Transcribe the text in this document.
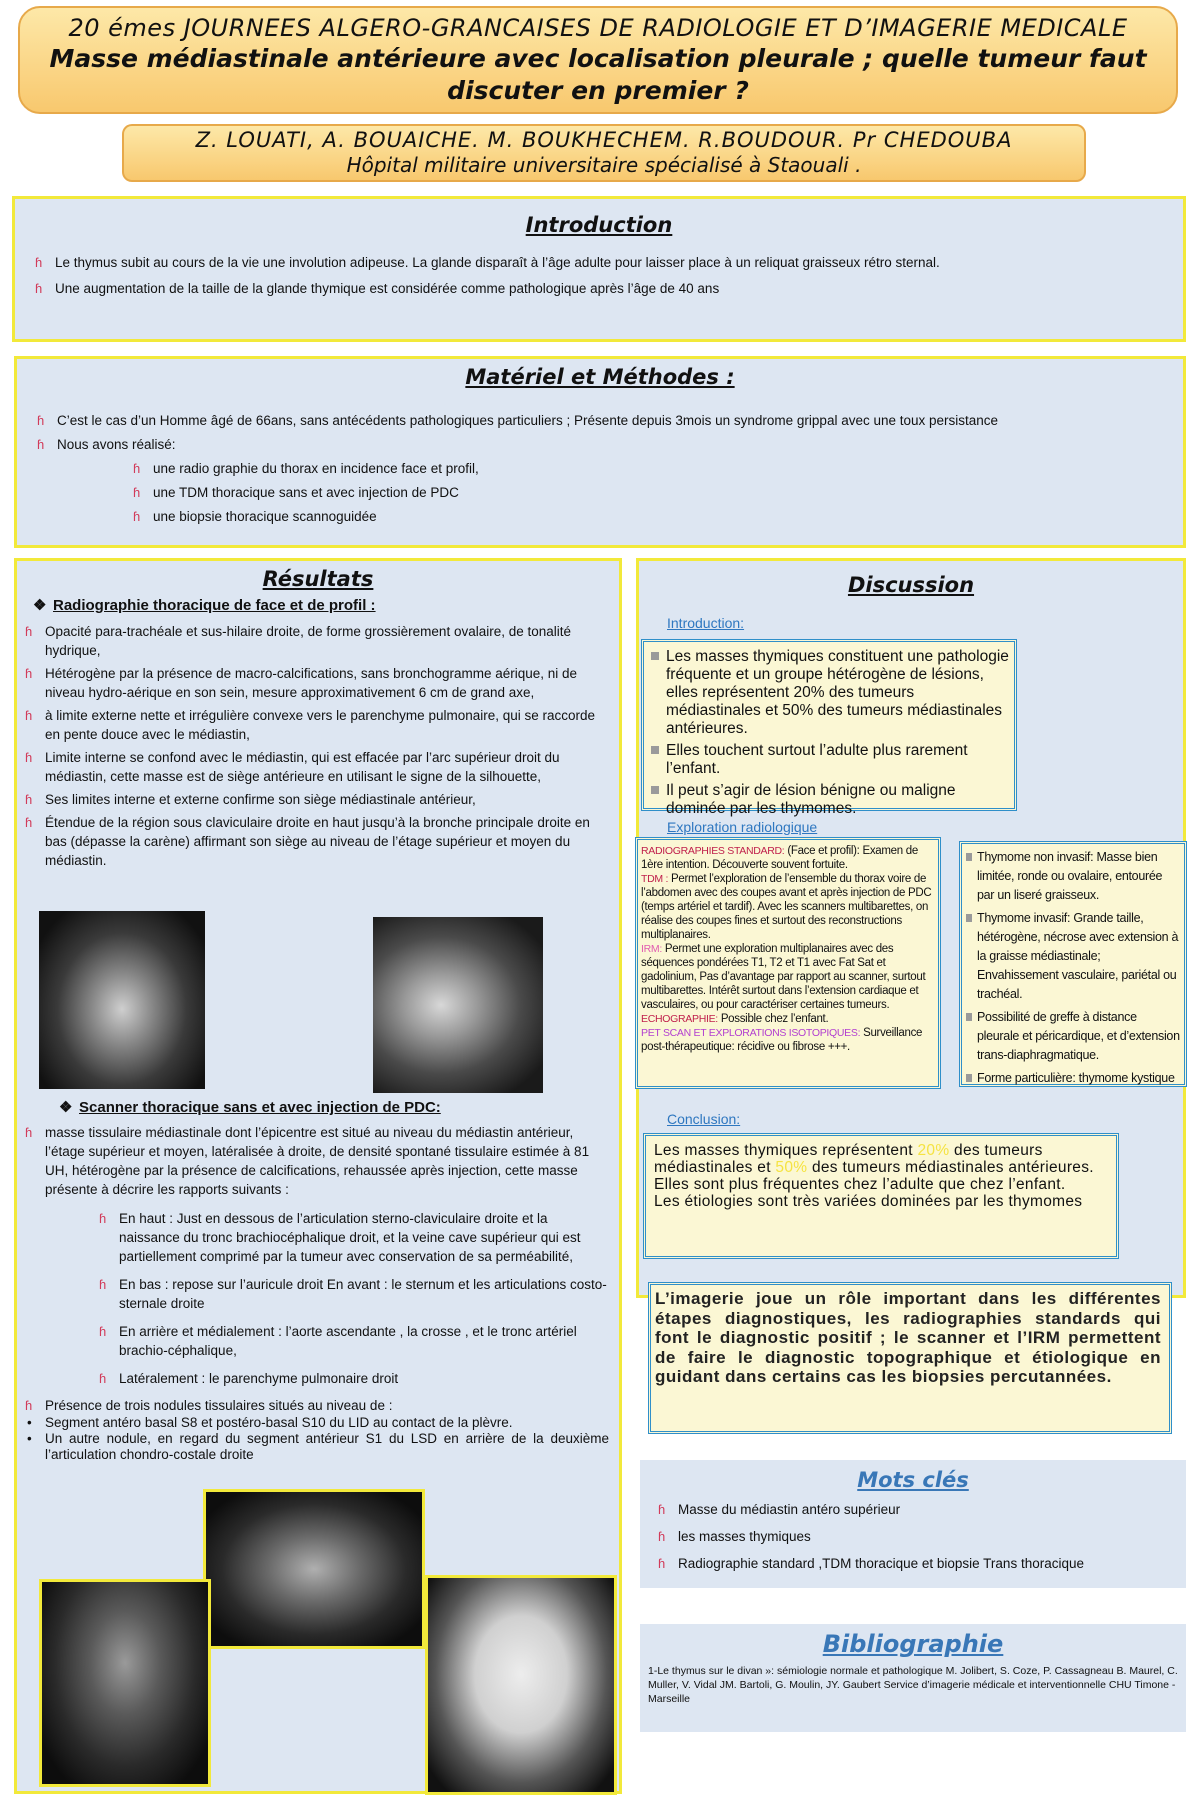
20 émes JOURNEES ALGERO-GRANCAISES DE RADIOLOGIE ET D’IMAGERIE MEDICALE
Masse médiastinale antérieure avec localisation pleurale ; quelle tumeur faut
discuter en premier ?
Z. LOUATI, A. BOUAICHE. M. BOUKHECHEM. R.BOUDOUR. Pr CHEDOUBA
Hôpital militaire universitaire spécialisé à Staouali .
Introduction
ɦ Le thymus subit au cours de la vie une involution adipeuse. La glande disparaît à l’âge adulte pour laisser place à un reliquat graisseux rétro sternal.
ɦ Une augmentation de la taille de la glande thymique est considérée comme pathologique après l’âge de 40 ans
Matériel et Méthodes :
ɦ C’est le cas d’un Homme âgé de 66ans, sans antécédents pathologiques particuliers ; Présente depuis 3mois un syndrome grippal avec une toux persistance
ɦ Nous avons réalisé:
ɦ une radio graphie du thorax en incidence face et profil,
ɦ une TDM thoracique sans et avec injection de PDC
ɦ une biopsie thoracique scannoguidée
Résultats
❖ Radiographie thoracique de face et de profil :
ɦ Opacité para-trachéale et sus-hilaire droite, de forme grossièrement ovalaire, de tonalité hydrique,
ɦ Hétérogène par la présence de macro-calcifications, sans bronchogramme aérique, ni de niveau hydro-aérique en son sein, mesure approximativement 6 cm de grand axe,
ɦ à limite externe nette et irrégulière convexe vers le parenchyme pulmonaire, qui se raccorde en pente douce avec le médiastin,
ɦ Limite interne se confond avec le médiastin, qui est effacée par l’arc supérieur droit du médiastin, cette masse est de siège antérieure en utilisant le signe de la silhouette,
ɦ Ses limites interne et externe confirme son siège médiastinale antérieur,
ɦ Étendue de la région sous claviculaire droite en haut jusqu’à la bronche principale droite en bas (dépasse la carène) affirmant son siège au niveau de l’étage supérieur et moyen du médiastin.
❖ Scanner thoracique sans et avec injection de PDC:
ɦ masse tissulaire médiastinale dont l’épicentre est situé au niveau du médiastin antérieur, l’étage supérieur et moyen, latéralisée à droite, de densité spontané tissulaire estimée à 81 UH, hétérogène par la présence de calcifications, rehaussée après injection, cette masse présente à décrire les rapports suivants :
ɦ En haut : Just en dessous de l’articulation sterno-claviculaire droite et la naissance du tronc brachiocéphalique droit, et la veine cave supérieur qui est partiellement comprimé par la tumeur avec conservation de sa perméabilité,
ɦ En bas : repose sur l’auricule droit En avant : le sternum et les articulations costo-sternale droite
ɦ En arrière et médialement : l’aorte ascendante , la crosse , et le tronc artériel brachio-céphalique,
ɦ Latéralement : le parenchyme pulmonaire droit
ɦ Présence de trois nodules tissulaires situés au niveau de :
• Segment antéro basal S8 et postéro-basal S10 du LID au contact de la plèvre.
• Un autre nodule, en regard du segment antérieur S1 du LSD en arrière de la deuxième l’articulation chondro-costale droite
Discussion
Introduction:
Les masses thymiques constituent une pathologie fréquente et un groupe hétérogène de lésions, elles représentent 20% des tumeurs médiastinales et 50% des tumeurs médiastinales antérieures.
Elles touchent surtout l’adulte plus rarement l’enfant.
Il peut s’agir de lésion bénigne ou maligne dominée par les thymomes.
Exploration radiologique
RADIOGRAPHIES STANDARD: (Face et profil): Examen de 1ère intention. Découverte souvent fortuite.
TDM : Permet l’exploration de l’ensemble du thorax voire de l’abdomen avec des coupes avant et après injection de PDC (temps artériel et tardif). Avec les scanners multibarettes, on réalise des coupes fines et surtout des reconstructions multiplanaires.
IRM: Permet une exploration multiplanaires avec des séquences pondérées T1, T2 et T1 avec Fat Sat et gadolinium, Pas d’avantage par rapport au scanner, surtout multibarettes. Intérêt surtout dans l’extension cardiaque et vasculaires, ou pour caractériser certaines tumeurs.
ECHOGRAPHIE: Possible chez l’enfant.
PET SCAN ET EXPLORATIONS ISOTOPIQUES: Surveillance post-thérapeutique: récidive ou fibrose +++.
Thymome non invasif: Masse bien limitée, ronde ou ovalaire, entourée par un liseré graisseux.
Thymome invasif: Grande taille, hétérogène, nécrose avec extension à la graisse médiastinale; Envahissement vasculaire, pariétal ou trachéal.
Possibilité de greffe à distance pleurale et péricardique, et d’extension trans-diaphragmatique.
Forme particulière: thymome kystique
Conclusion:
Les masses thymiques représentent 20% des tumeurs médiastinales et 50% des tumeurs médiastinales antérieures.
Elles sont plus fréquentes chez l’adulte que chez l’enfant.
Les étiologies sont très variées dominées par les thymomes
L’imagerie joue un rôle important dans les différentes étapes diagnostiques, les radiographies standards qui font le diagnostic positif ; le scanner et l’IRM permettent de faire le diagnostic topographique et étiologique en guidant dans certains cas les biopsies percutannées.
Mots clés
ɦ Masse du médiastin antéro supérieur
ɦ les masses thymiques
ɦ Radiographie standard ,TDM thoracique et biopsie Trans thoracique
Bibliographie
1-Le thymus sur le divan »: sémiologie normale et pathologique M. Jolibert, S. Coze, P. Cassagneau B. Maurel, C. Muller, V. Vidal JM. Bartoli, G. Moulin, JY. Gaubert Service d’imagerie médicale et interventionnelle CHU Timone - Marseille
